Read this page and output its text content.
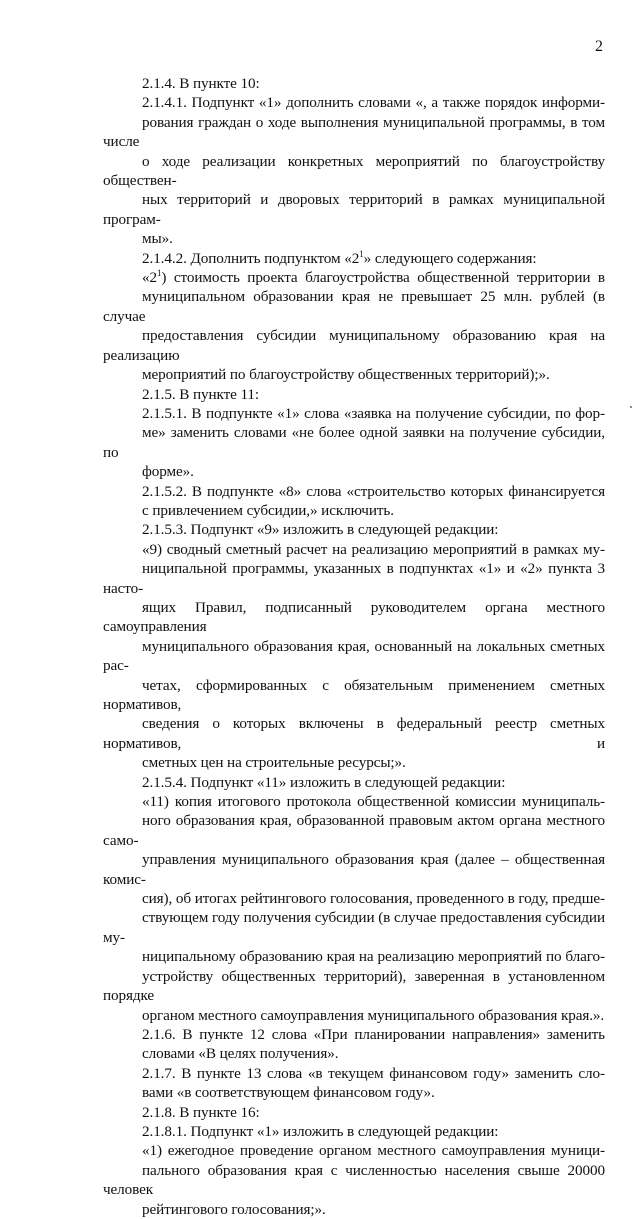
2

2.1.4. В пункте 10:

2.1.4.1. Подпункт «1» дополнить словами «, а также порядок информи-
рования граждан о ходе выполнения муниципальной программы, в том числе
о ходе реализации конкретных мероприятий по благоустройству обществен-
ных территорий и дворовых территорий в рамках муниципальной програм-
мы».

2.1.4.2. Дополнить подпунктом «$2^1$» следующего содержания:

«$2^1$) стоимость проекта благоустройства общественной территории в
муниципальном образовании края не превышает 25 млн. рублей (в случае
предоставления субсидии муниципальному образованию края на реализацию
мероприятий по благоустройству общественных территорий);».

2.1.5. В пункте 11:

2.1.5.1. В подпункте «1» слова «заявка на получение субсидии, по фор-
ме» заменить словами «не более одной заявки на получение субсидии, по
форме».

2.1.5.2. В подпункте «8» слова «строительство которых финансируется
с привлечением субсидии,» исключить.

2.1.5.3. Подпункт «9» изложить в следующей редакции:

«9) сводный сметный расчет на реализацию мероприятий в рамках му-
ниципальной программы, указанных в подпунктах «1» и «2» пункта 3 наcто-
ящих Правил, подписанный руководителем органа местного самоуправления
муниципального образования края, основанный на локальных сметных рас-
четах, сформированных с обязательным применением сметных нормативов,
сведения о которых включены в федеральный реестр сметных нормативов, и
сметных цен на строительные ресурсы;».

2.1.5.4. Подпункт «11» изложить в следующей редакции:

«11) копия итогового протокола общественной комиссии муниципаль-
ного образования края, образованной правовым актом органа местного само-
управления муниципального образования края (далее – общественная комис-
сия), об итогах рейтингового голосования, проведенного в году, предше-
ствующем году получения субсидии (в случае предоставления субсидии му-
ниципальному образованию края на реализацию мероприятий по благо-
устройству общественных территорий), заверенная в установленном порядке
органом местного самоуправления муниципального образования края.».

2.1.6. В пункте 12 слова «При планировании направления» заменить
словами «В целях получения».

2.1.7. В пункте 13 слова «в текущем финансовом году» заменить сло-
вами «в соответствующем финансовом году».

2.1.8. В пункте 16:

2.1.8.1. Подпункт «1» изложить в следующей редакции:

«1) ежегодное проведение органом местного самоуправления муници-
пального образования края с численностью населения свыше 20000 человек
рейтингового голосования;».
